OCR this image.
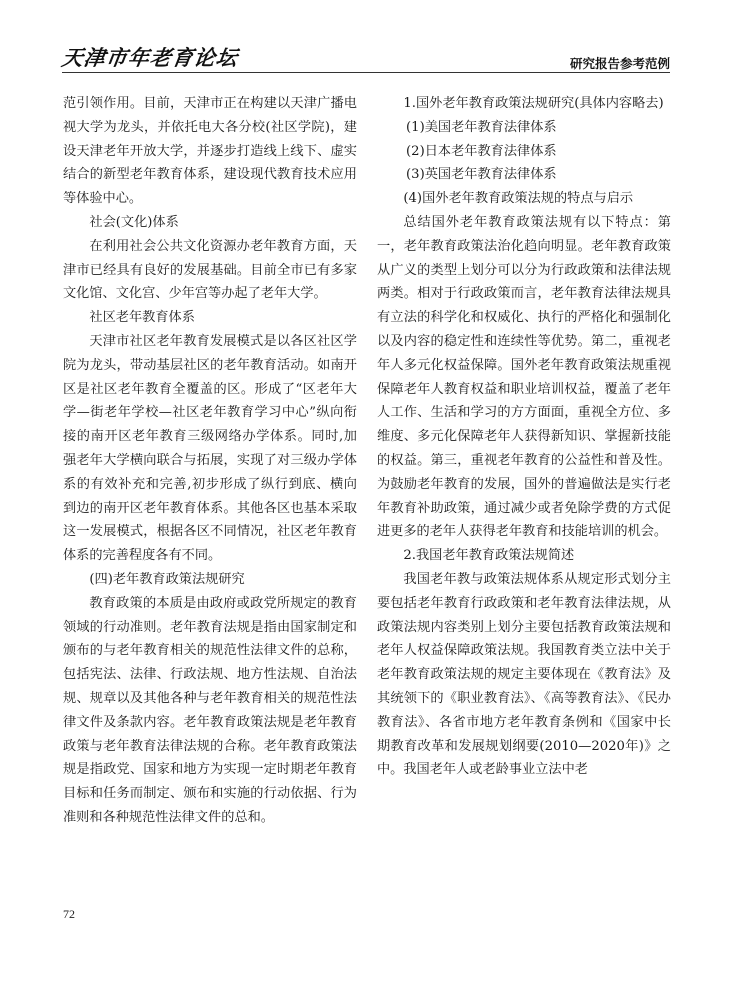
天津市年老育论坛	研究报告参考范例

范引领作用。目前，天津市正在构建以天津广播电视大学为龙头，并依托电大各分校(社区学院)，建设天津老年开放大学，并逐步打造线上线下、虚实结合的新型老年教育体系，建设现代教育技术应用等体验中心。

社会(文化)体系

在利用社会公共文化资源办老年教育方面，天津市已经具有良好的发展基础。目前全市已有多家文化馆、文化宫、少年宫等办起了老年大学。

社区老年教育体系

天津市社区老年教育发展模式是以各区社区学院为龙头，带动基层社区的老年教育活动。如南开区是社区老年教育全覆盖的区。形成了“区老年大学—街老年学校—社区老年教育学习中心”纵向衔接的南开区老年教育三级网络办学体系。同时,加强老年大学横向联合与拓展，实现了对三级办学体系的有效补充和完善,初步形成了纵行到底、横向到边的南开区老年教育体系。其他各区也基本采取这一发展模式，根据各区不同情况，社区老年教育体系的完善程度各有不同。

(四)老年教育政策法规研究

教育政策的本质是由政府或政党所规定的教育领域的行动准则。老年教育法规是指由国家制定和颁布的与老年教育相关的规范性法律文件的总称，包括宪法、法律、行政法规、地方性法规、自治法规、规章以及其他各种与老年教育相关的规范性法律文件及条款内容。老年教育政策法规是老年教育政策与老年教育法律法规的合称。老年教育政策法规是指政党、国家和地方为实现一定时期老年教育目标和任务而制定、颁布和实施的行动依据、行为准则和各种规范性法律文件的总和。

1.国外老年教育政策法规研究(具体内容略去)

(1)美国老年教育法律体系

(2)日本老年教育法律体系

(3)英国老年教育法律体系

(4)国外老年教育政策法规的特点与启示

总结国外老年教育政策法规有以下特点：第一，老年教育政策法治化趋向明显。老年教育政策从广义的类型上划分可以分为行政政策和法律法规两类。相对于行政政策而言，老年教育法律法规具有立法的科学化和权威化、执行的严格化和强制化以及内容的稳定性和连续性等优势。第二，重视老年人多元化权益保障。国外老年教育政策法规重视保障老年人教育权益和职业培训权益，覆盖了老年人工作、生活和学习的方方面面，重视全方位、多维度、多元化保障老年人获得新知识、掌握新技能的权益。第三，重视老年教育的公益性和普及性。为鼓励老年教育的发展，国外的普遍做法是实行老年教育补助政策，通过减少或者免除学费的方式促进更多的老年人获得老年教育和技能培训的机会。

2.我国老年教育政策法规简述

我国老年教与政策法规体系从规定形式划分主要包括老年教育行政政策和老年教育法律法规，从政策法规内容类别上划分主要包括教育政策法规和老年人权益保障政策法规。我国教育类立法中关于老年教育政策法规的规定主要体现在《教育法》及其统领下的《职业教育法》、《高等教育法》、《民办教育法》、各省市地方老年教育条例和《国家中长期教育改革和发展规划纲要(2010—2020年)》之中。我国老年人或老龄事业立法中老

72
